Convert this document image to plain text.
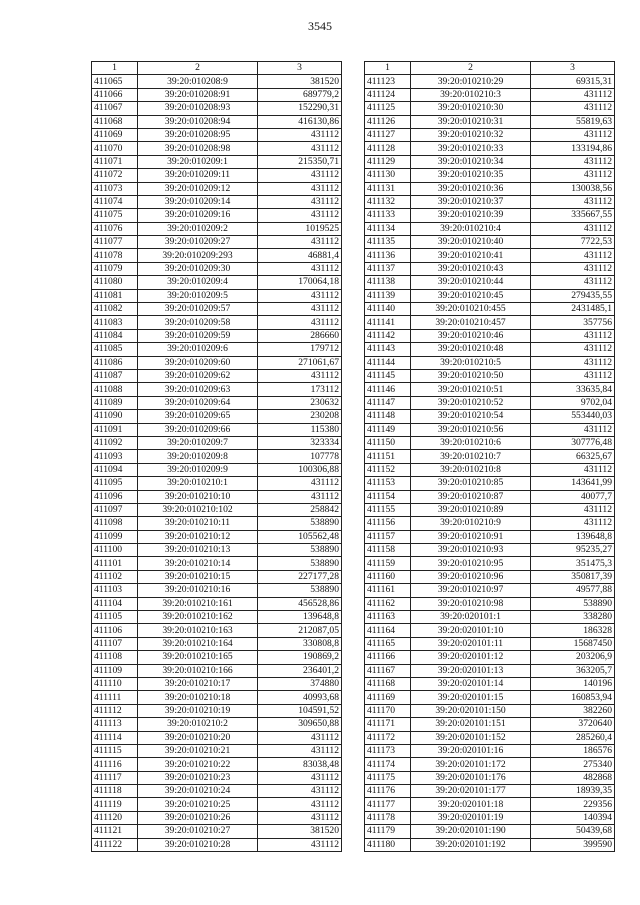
3545
1	2	3
411065	39:20:010208:9	381520
411066	39:20:010208:91	689779,2
411067	39:20:010208:93	152290,31
411068	39:20:010208:94	416130,86
411069	39:20:010208:95	431112
411070	39:20:010208:98	431112
411071	39:20:010209:1	215350,71
411072	39:20:010209:11	431112
411073	39:20:010209:12	431112
411074	39:20:010209:14	431112
411075	39:20:010209:16	431112
411076	39:20:010209:2	1019525
411077	39:20:010209:27	431112
411078	39:20:010209:293	46881,4
411079	39:20:010209:30	431112
411080	39:20:010209:4	170064,18
411081	39:20:010209:5	431112
411082	39:20:010209:57	431112
411083	39:20:010209:58	431112
411084	39:20:010209:59	286660
411085	39:20:010209:6	179712
411086	39:20:010209:60	271061,67
411087	39:20:010209:62	431112
411088	39:20:010209:63	173112
411089	39:20:010209:64	230632
411090	39:20:010209:65	230208
411091	39:20:010209:66	115380
411092	39:20:010209:7	323334
411093	39:20:010209:8	107778
411094	39:20:010209:9	100306,88
411095	39:20:010210:1	431112
411096	39:20:010210:10	431112
411097	39:20:010210:102	258842
411098	39:20:010210:11	538890
411099	39:20:010210:12	105562,48
411100	39:20:010210:13	538890
411101	39:20:010210:14	538890
411102	39:20:010210:15	227177,28
411103	39:20:010210:16	538890
411104	39:20:010210:161	456528,86
411105	39:20:010210:162	139648,8
411106	39:20:010210:163	212087,05
411107	39:20:010210:164	330808,8
411108	39:20:010210:165	190869,2
411109	39:20:010210:166	236401,2
411110	39:20:010210:17	374880
411111	39:20:010210:18	40993,68
411112	39:20:010210:19	104591,52
411113	39:20:010210:2	309650,88
411114	39:20:010210:20	431112
411115	39:20:010210:21	431112
411116	39:20:010210:22	83038,48
411117	39:20:010210:23	431112
411118	39:20:010210:24	431112
411119	39:20:010210:25	431112
411120	39:20:010210:26	431112
411121	39:20:010210:27	381520
411122	39:20:010210:28	431112
1	2	3
411123	39:20:010210:29	69315,31
411124	39:20:010210:3	431112
411125	39:20:010210:30	431112
411126	39:20:010210:31	55819,63
411127	39:20:010210:32	431112
411128	39:20:010210:33	133194,86
411129	39:20:010210:34	431112
411130	39:20:010210:35	431112
411131	39:20:010210:36	130038,56
411132	39:20:010210:37	431112
411133	39:20:010210:39	335667,55
411134	39:20:010210:4	431112
411135	39:20:010210:40	7722,53
411136	39:20:010210:41	431112
411137	39:20:010210:43	431112
411138	39:20:010210:44	431112
411139	39:20:010210:45	279435,55
411140	39:20:010210:455	2431485,1
411141	39:20:010210:457	357756
411142	39:20:010210:46	431112
411143	39:20:010210:48	431112
411144	39:20:010210:5	431112
411145	39:20:010210:50	431112
411146	39:20:010210:51	33635,84
411147	39:20:010210:52	9702,04
411148	39:20:010210:54	553440,03
411149	39:20:010210:56	431112
411150	39:20:010210:6	307776,48
411151	39:20:010210:7	66325,67
411152	39:20:010210:8	431112
411153	39:20:010210:85	143641,99
411154	39:20:010210:87	40077,7
411155	39:20:010210:89	431112
411156	39:20:010210:9	431112
411157	39:20:010210:91	139648,8
411158	39:20:010210:93	95235,27
411159	39:20:010210:95	351475,3
411160	39:20:010210:96	350817,39
411161	39:20:010210:97	49577,88
411162	39:20:010210:98	538890
411163	39:20:020101:1	338280
411164	39:20:020101:10	186328
411165	39:20:020101:11	15687450
411166	39:20:020101:12	203206,9
411167	39:20:020101:13	363205,7
411168	39:20:020101:14	140196
411169	39:20:020101:15	160853,94
411170	39:20:020101:150	382260
411171	39:20:020101:151	3720640
411172	39:20:020101:152	285260,4
411173	39:20:020101:16	186576
411174	39:20:020101:172	275340
411175	39:20:020101:176	482868
411176	39:20:020101:177	18939,35
411177	39:20:020101:18	229356
411178	39:20:020101:19	140394
411179	39:20:020101:190	50439,68
411180	39:20:020101:192	399590
